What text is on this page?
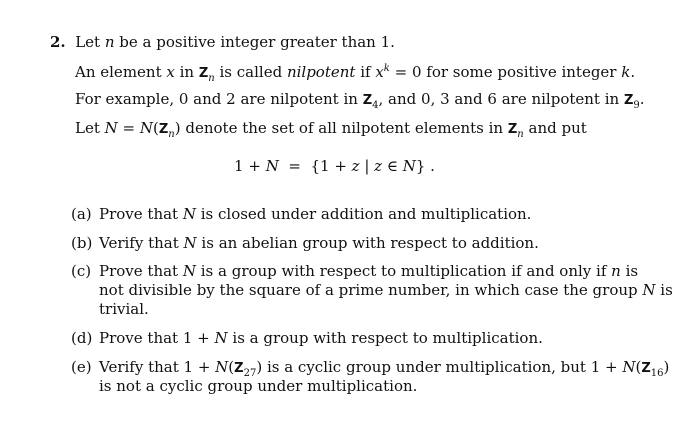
2.  Let n be a positive integer greater than 1.
An element x in $Z_n$ is called nilpotent if $x^k = 0$ for some positive integer k.
For example, 0 and 2 are nilpotent in $Z_4$, and 0, 3 and 6 are nilpotent in $Z_9$.
Let $N = N(Z_n)$ denote the set of all nilpotent elements in $Z_n$ and put
1 + N  =  {1 + z | z ∈ N} .
(a) Prove that N is closed under addition and multiplication.
(b) Verify that N is an abelian group with respect to addition.
(c) Prove that N is a group with respect to multiplication if and only if n is
not divisible by the square of a prime number, in which case the group N is
trivial.
(d) Prove that 1 + N is a group with respect to multiplication.
(e) Verify that $1 + N(Z_{27})$ is a cyclic group under multiplication, but $1 + N(Z_{16})$
is not a cyclic group under multiplication.
